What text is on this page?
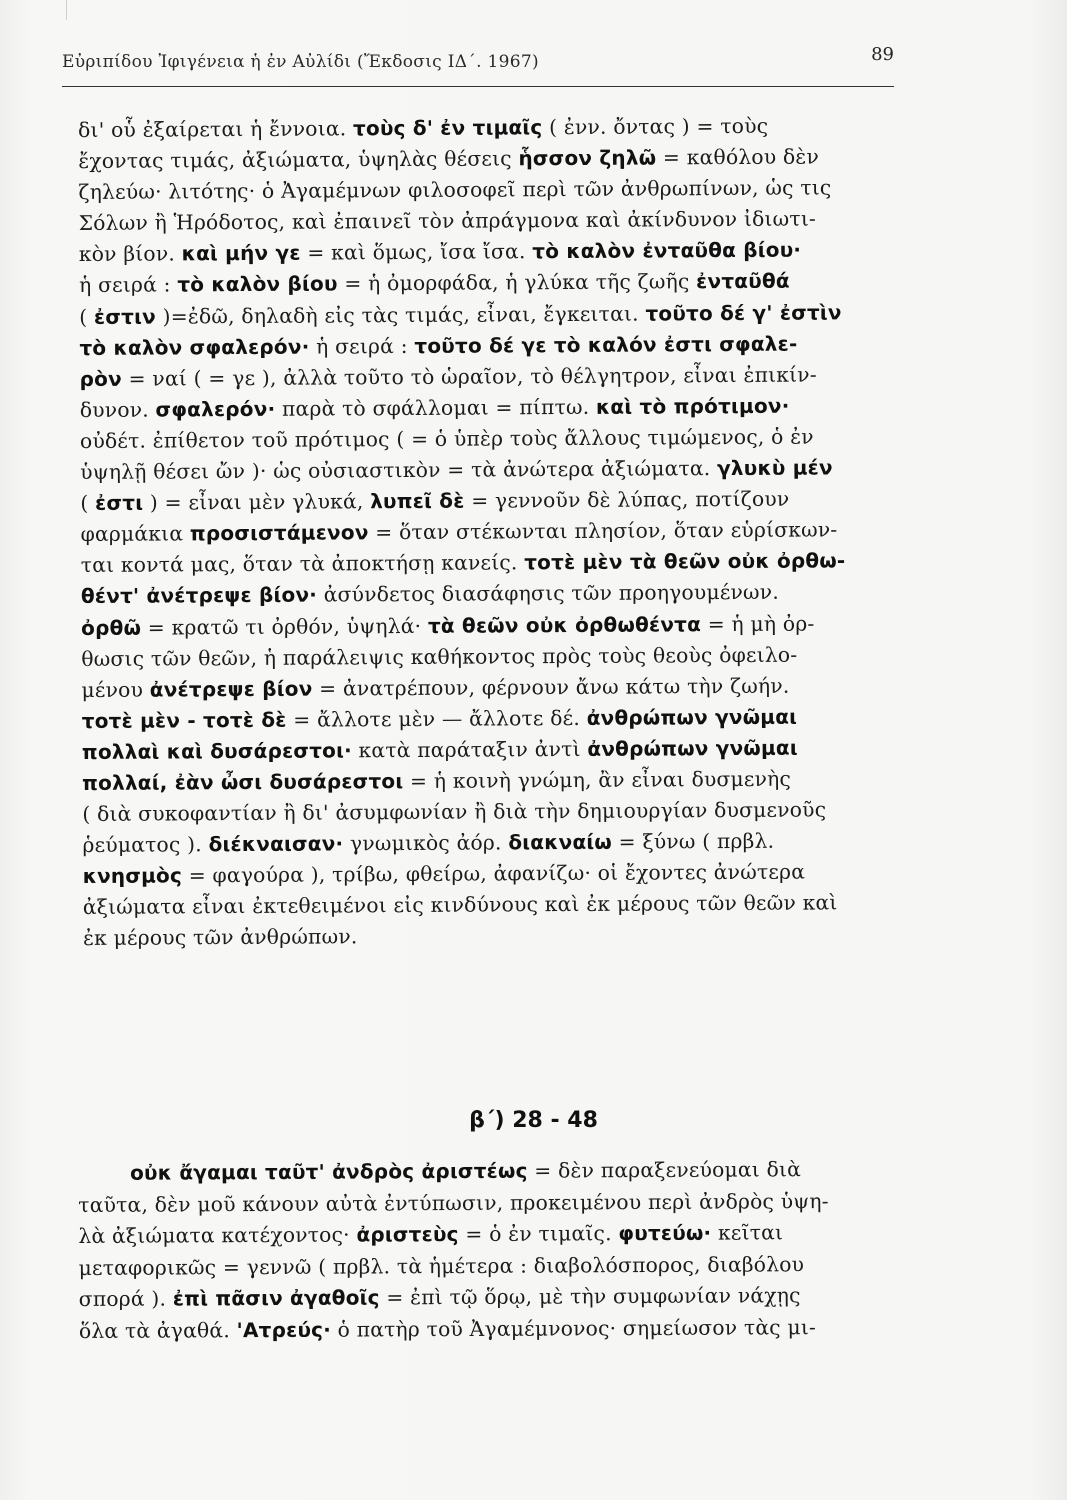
Εὐριπίδου Ἰφιγένεια ἡ ἐν Αὐλίδι (Ἔκδοσις ΙΔ΄. 1967)	89
δι' οὗ ἐξαίρεται ἡ ἔννοια. τοὺς δ' ἐν τιμαῖς ( ἐνν. ὄντας ) = τοὺς
ἔχοντας τιμάς, ἀξιώματα, ὑψηλὰς θέσεις ἧσσον ζηλῶ = καθόλου δὲν
ζηλεύω· λιτότης· ὁ Ἀγαμέμνων φιλοσοφεῖ περὶ τῶν ἀνθρωπίνων, ὡς τις
Σόλων ἢ Ἡρόδοτος, καὶ ἐπαινεῖ τὸν ἀπράγμονα καὶ ἀκίνδυνον ἰδιωτι-
κὸν βίον. καὶ μήν γε = καὶ ὅμως, ἴσα ἴσα. τὸ καλὸν ἐνταῦθα βίου·
ἡ σειρά : τὸ καλὸν βίου = ἡ ὀμορφάδα, ἡ γλύκα τῆς ζωῆς ἐνταῦθά
( ἐστιν )=ἐδῶ, δηλαδὴ εἰς τὰς τιμάς, εἶναι, ἔγκειται. τοῦτο δέ γ' ἐστὶν
τὸ καλὸν σφαλερόν· ἡ σειρά : τοῦτο δέ γε τὸ καλόν ἐστι σφαλε-
ρὸν = ναί ( = γε ), ἀλλὰ τοῦτο τὸ ὡραῖον, τὸ θέλγητρον, εἶναι ἐπικίν-
δυνον. σφαλερόν· παρὰ τὸ σφάλλομαι = πίπτω. καὶ τὸ πρότιμον·
οὐδέτ. ἐπίθετον τοῦ πρότιμος ( = ὁ ὑπὲρ τοὺς ἄλλους τιμώμενος, ὁ ἐν
ὑψηλῇ θέσει ὤν )· ὡς οὐσιαστικὸν = τὰ ἀνώτερα ἀξιώματα. γλυκὺ μέν
( ἐστι ) = εἶναι μὲν γλυκά, λυπεῖ δὲ = γεννοῦν δὲ λύπας, ποτίζουν
φαρμάκια προσιστάμενον = ὅταν στέκωνται πλησίον, ὅταν εὑρίσκων-
ται κοντά μας, ὅταν τὰ ἀποκτήσῃ κανείς. τοτὲ μὲν τὰ θεῶν οὐκ ὀρθω-
θέντ' ἀνέτρεψε βίον· ἀσύνδετος διασάφησις τῶν προηγουμένων.
ὀρθῶ = κρατῶ τι ὀρθόν, ὑψηλά· τὰ θεῶν οὐκ ὀρθωθέντα = ἡ μὴ ὀρ-
θωσις τῶν θεῶν, ἡ παράλειψις καθήκοντος πρὸς τοὺς θεοὺς ὀφειλο-
μένου ἀνέτρεψε βίον = ἀνατρέπουν, φέρνουν ἄνω κάτω τὴν ζωήν.
τοτὲ μὲν - τοτὲ δὲ = ἄλλοτε μὲν — ἄλλοτε δέ. ἀνθρώπων γνῶμαι
πολλαὶ καὶ δυσάρεστοι· κατὰ παράταξιν ἀντὶ ἀνθρώπων γνῶμαι
πολλαί, ἐὰν ὦσι δυσάρεστοι = ἡ κοινὴ γνώμη, ἂν εἶναι δυσμενὴς
( διὰ συκοφαντίαν ἢ δι' ἀσυμφωνίαν ἢ διὰ τὴν δημιουργίαν δυσμενοῦς
ῥεύματος ). διέκναισαν· γνωμικὸς ἀόρ. διακναίω = ξύνω ( πρβλ.
κνησμὸς = φαγούρα ), τρίβω, φθείρω, ἀφανίζω· οἱ ἔχοντες ἀνώτερα
ἀξιώματα εἶναι ἐκτεθειμένοι εἰς κινδύνους καὶ ἐκ μέρους τῶν θεῶν καὶ
ἐκ μέρους τῶν ἀνθρώπων.
β΄) 28 - 48
οὐκ ἄγαμαι ταῦτ' ἀνδρὸς ἀριστέως = δὲν παραξενεύομαι διὰ
ταῦτα, δὲν μοῦ κάνουν αὐτὰ ἐντύπωσιν, προκειμένου περὶ ἀνδρὸς ὑψη-
λὰ ἀξιώματα κατέχοντος· ἀριστεὺς = ὁ ἐν τιμαῖς. φυτεύω· κεῖται
μεταφορικῶς = γεννῶ ( πρβλ. τὰ ἡμέτερα : διαβολόσπορος, διαβόλου
σπορά ). ἐπὶ πᾶσιν ἀγαθοῖς = ἐπὶ τῷ ὅρῳ, μὲ τὴν συμφωνίαν νάχῃς
ὅλα τὰ ἀγαθά. 'Ατρεύς· ὁ πατὴρ τοῦ Ἀγαμέμνονος· σημείωσον τὰς μι-
